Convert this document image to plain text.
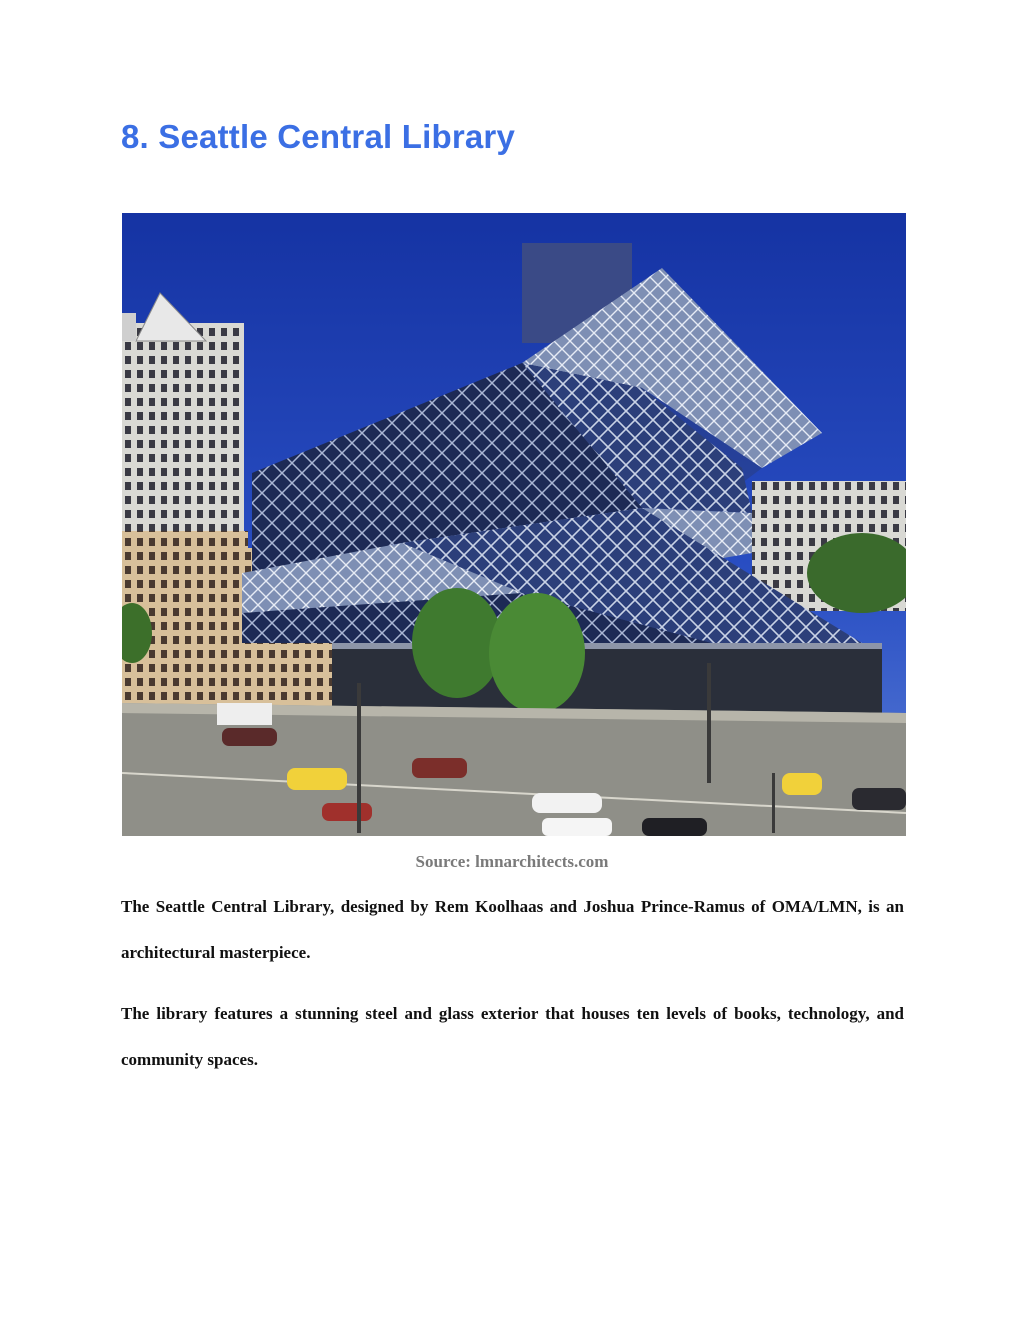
8. Seattle Central Library
Source: lmnarchitects.com

The Seattle Central Library, designed by Rem Koolhaas and Joshua Prince-Ramus of OMA/LMN, is an architectural masterpiece.

The library features a stunning steel and glass exterior that houses ten levels of books, technology, and community spaces.
